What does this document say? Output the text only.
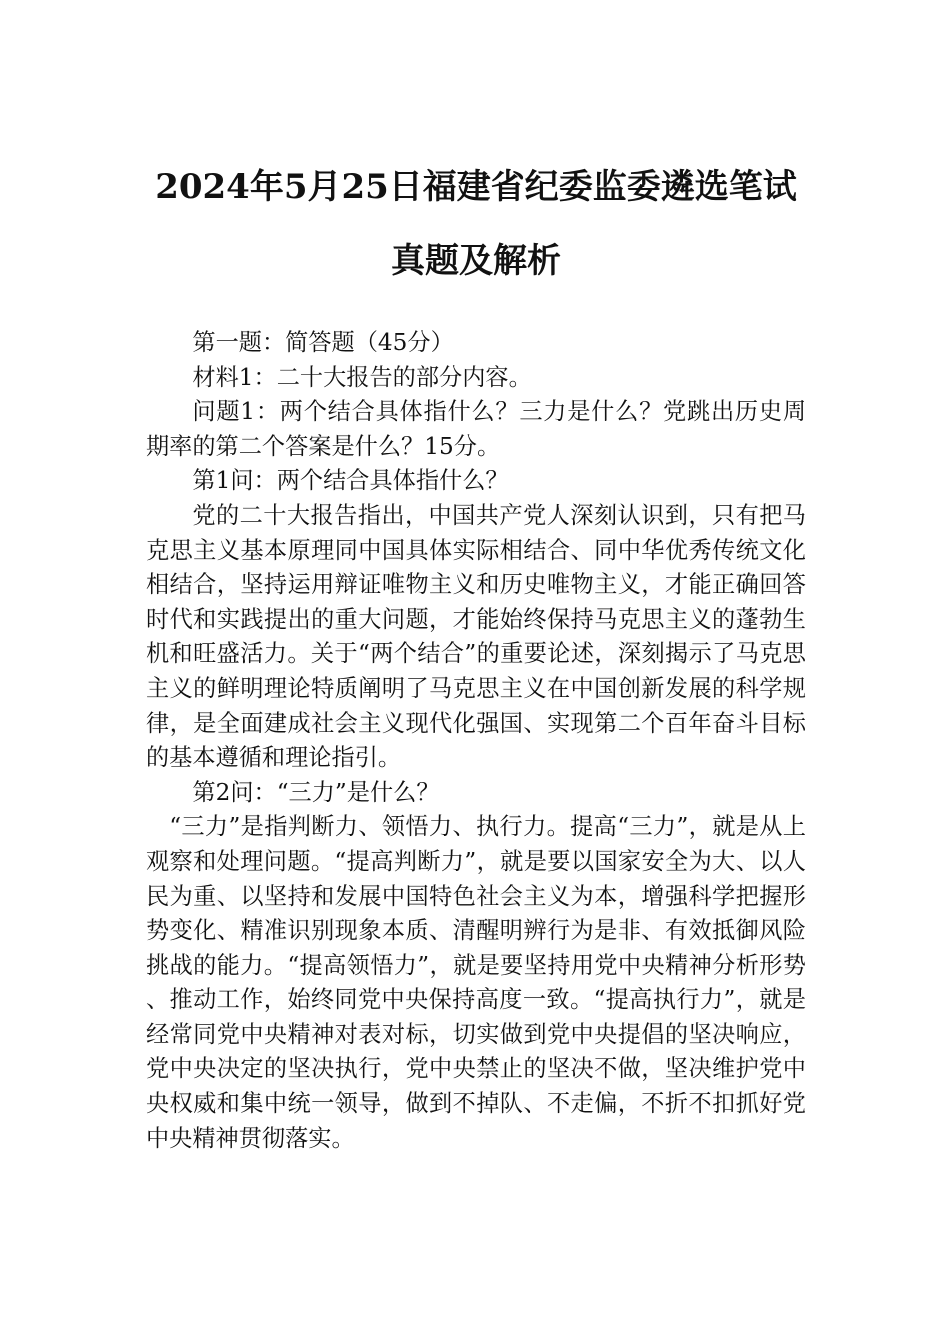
2024年5月25日福建省纪委监委遴选笔试
真题及解析

第一题：简答题（45分）

材料1：二十大报告的部分内容。

问题1：两个结合具体指什么？三力是什么？党跳出历史周期率的第二个答案是什么？15分。

第1问：两个结合具体指什么？

党的二十大报告指出，中国共产党人深刻认识到，只有把马克思主义基本原理同中国具体实际相结合、同中华优秀传统文化相结合，坚持运用辩证唯物主义和历史唯物主义，才能正确回答时代和实践提出的重大问题，才能始终保持马克思主义的蓬勃生机和旺盛活力。关于“两个结合”的重要论述，深刻揭示了马克思主义的鲜明理论特质阐明了马克思主义在中国创新发展的科学规律，是全面建成社会主义现代化强国、实现第二个百年奋斗目标的基本遵循和理论指引。

第2问：“三力”是什么？

“三力”是指判断力、领悟力、执行力。提高“三力”，就是从上观察和处理问题。“提高判断力”，就是要以国家安全为大、以人民为重、以坚持和发展中国特色社会主义为本，增强科学把握形势变化、精准识别现象本质、清醒明辨行为是非、有效抵御风险挑战的能力。“提高领悟力”，就是要坚持用党中央精神分析形势、推动工作，始终同党中央保持高度一致。“提高执行力”，就是经常同党中央精神对表对标，切实做到党中央提倡的坚决响应，党中央决定的坚决执行，党中央禁止的坚决不做，坚决维护党中央权威和集中统一领导，做到不掉队、不走偏，不折不扣抓好党中央精神贯彻落实。
